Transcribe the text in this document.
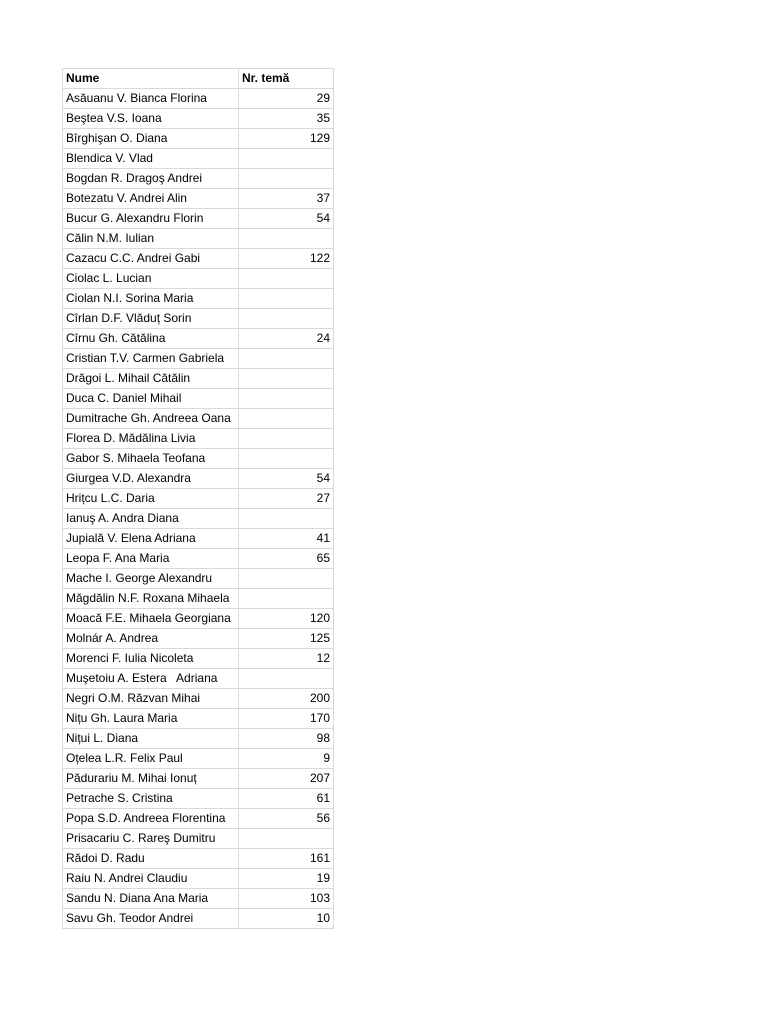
Nume	Nr. temă
Asăuanu V. Bianca Florina	29
Beştea V.S. Ioana	35
Bîrghişan O. Diana	129
Blendica V. Vlad	
Bogdan R. Dragoş Andrei	
Botezatu V. Andrei Alin	37
Bucur G. Alexandru Florin	54
Călin N.M. Iulian	
Cazacu C.C. Andrei Gabi	122
Ciolac L. Lucian	
Ciolan N.I. Sorina Maria	
Cîrlan D.F. Vlăduț Sorin	
Cîrnu Gh. Cătălina	24
Cristian T.V. Carmen Gabriela	
Drăgoi L. Mihail Cătălin	
Duca C. Daniel Mihail	
Dumitrache Gh. Andreea Oana	
Florea D. Mădălina Livia	
Gabor S. Mihaela Teofana	
Giurgea V.D. Alexandra	54
Hrițcu L.C. Daria	27
Ianuş A. Andra Diana	
Jupială V. Elena Adriana	41
Leopa F. Ana Maria	65
Mache I. George Alexandru	
Măgdălin N.F. Roxana Mihaela	
Moacă F.E. Mihaela Georgiana	120
Molnár A. Andrea	125
Morenci F. Iulia Nicoleta	12
Muşetoiu A. Estera   Adriana	
Negri O.M. Răzvan Mihai	200
Nițu Gh. Laura Maria	170
Nițui L. Diana	98
Oțelea L.R. Felix Paul	9
Pădurariu M. Mihai Ionuț	207
Petrache S. Cristina	61
Popa S.D. Andreea Florentina	56
Prisacariu C. Rareş Dumitru	
Rădoi D. Radu	161
Raiu N. Andrei Claudiu	19
Sandu N. Diana Ana Maria	103
Savu Gh. Teodor Andrei	10
